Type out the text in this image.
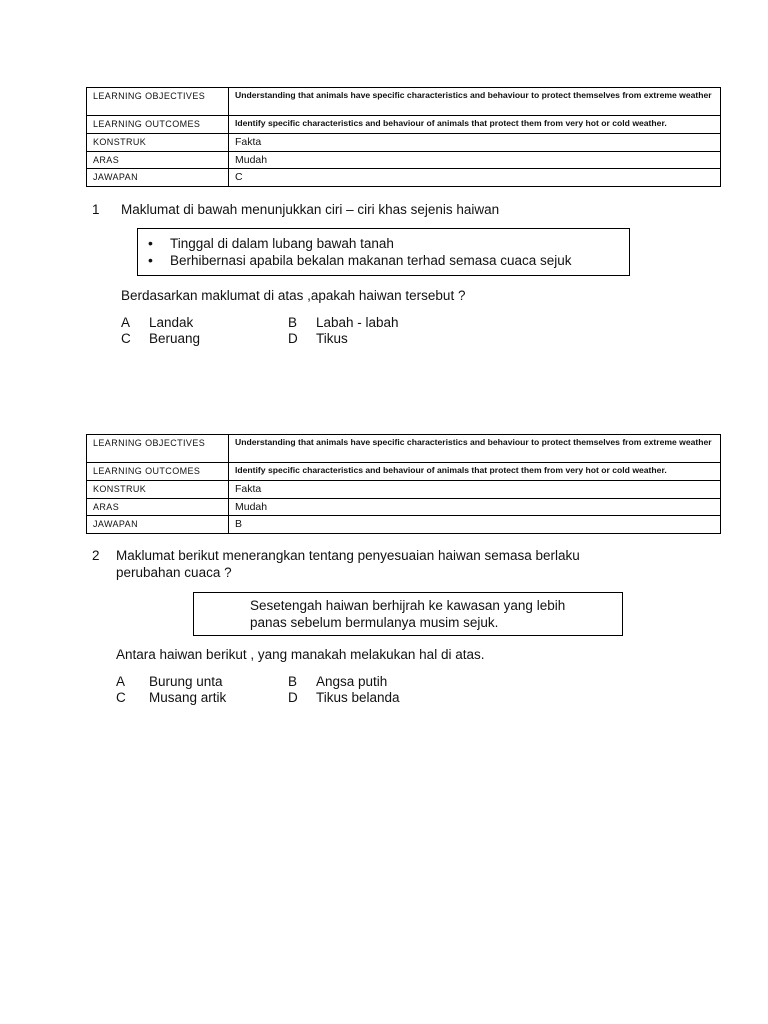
LEARNING OBJECTIVES	Understanding that animals have specific characteristics and behaviour to protect themselves from extreme weather
LEARNING OUTCOMES	Identify specific characteristics and behaviour of animals that protect them from very hot or cold weather.
KONSTRUK	Fakta
ARAS	Mudah
JAWAPAN	C
1 Maklumat di bawah menunjukkan ciri – ciri khas sejenis haiwan
• Tinggal di dalam lubang bawah tanah
• Berhibernasi apabila bekalan makanan terhad semasa cuaca sejuk
Berdasarkan maklumat di atas ,apakah haiwan tersebut ?
A Landak	B Labah - labah
C Beruang	D Tikus
LEARNING OBJECTIVES	Understanding that animals have specific characteristics and behaviour to protect themselves from extreme weather
LEARNING OUTCOMES	Identify specific characteristics and behaviour of animals that protect them from very hot or cold weather.
KONSTRUK	Fakta
ARAS	Mudah
JAWAPAN	B
2 Maklumat berikut menerangkan tentang penyesuaian haiwan semasa berlaku
perubahan cuaca ?
Sesetengah haiwan berhijrah ke kawasan yang lebih
panas sebelum bermulanya musim sejuk.
Antara haiwan berikut , yang manakah melakukan hal di atas.
A Burung unta	B Angsa putih
C Musang artik	D Tikus belanda
